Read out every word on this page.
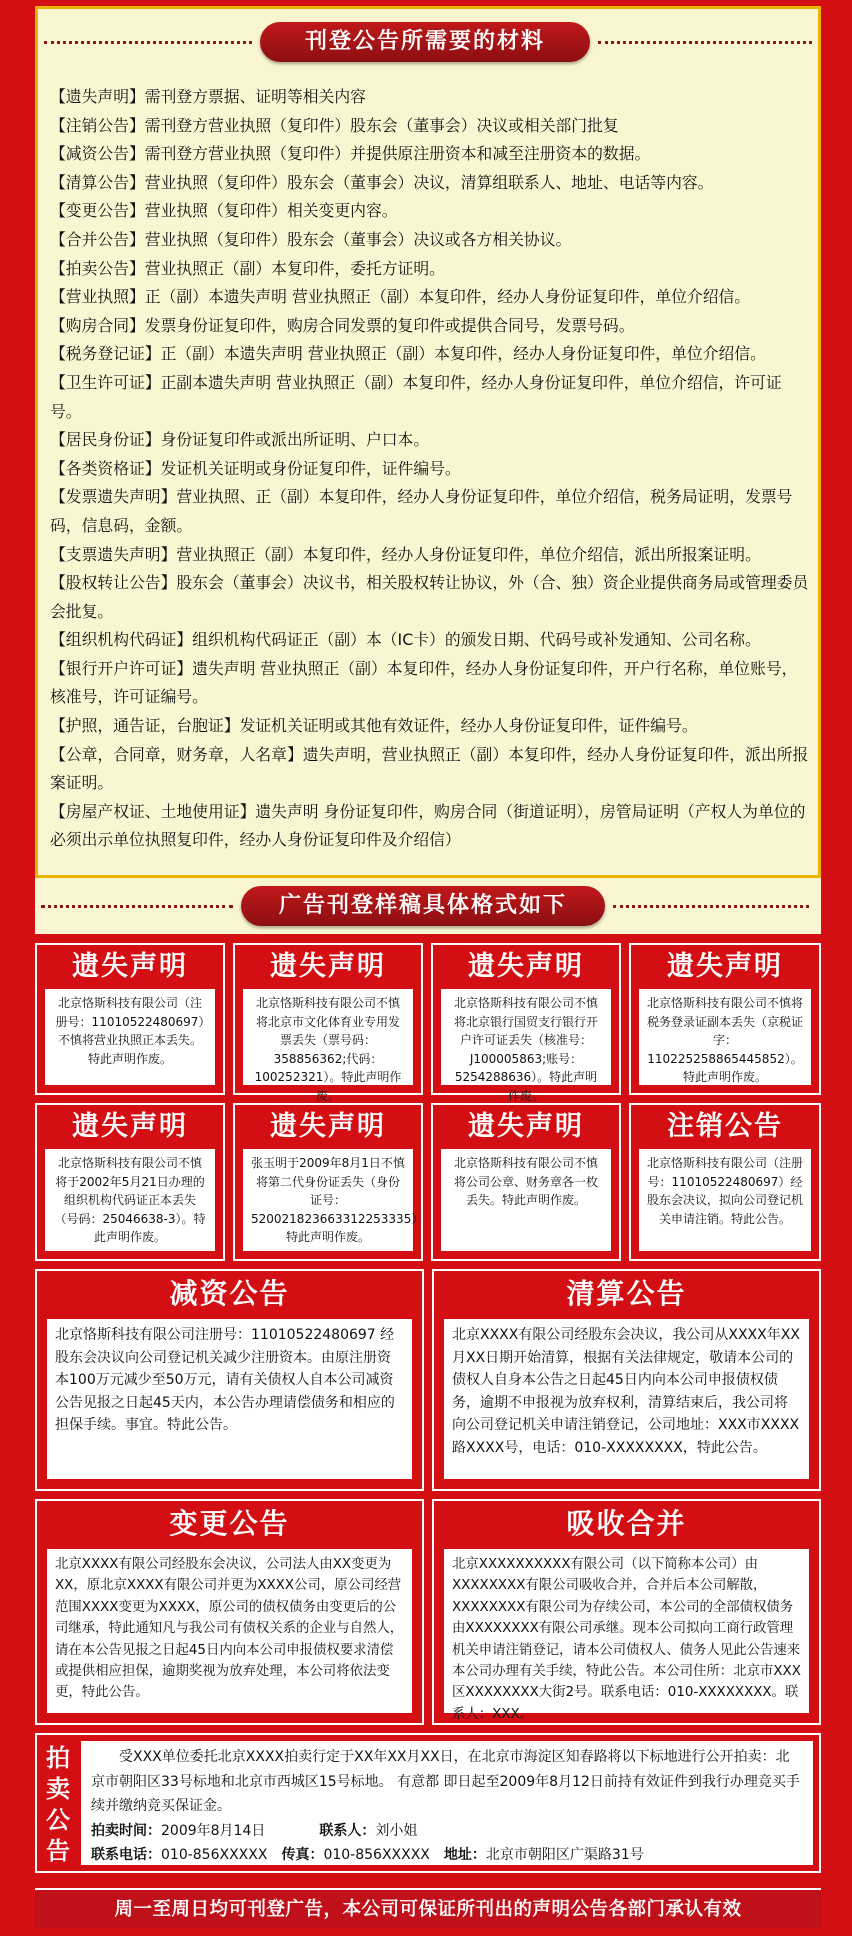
刊登公告所需要的材料
【遗失声明】需刊登方票据、证明等相关内容
【注销公告】需刊登方营业执照（复印件）股东会（董事会）决议或相关部门批复
【减资公告】需刊登方营业执照（复印件）并提供原注册资本和减至注册资本的数据。
【清算公告】营业执照（复印件）股东会（董事会）决议，清算组联系人、地址、电话等内容。
【变更公告】营业执照（复印件）相关变更内容。
【合并公告】营业执照（复印件）股东会（董事会）决议或各方相关协议。
【拍卖公告】营业执照正（副）本复印件，委托方证明。
【营业执照】正（副）本遗失声明 营业执照正（副）本复印件，经办人身份证复印件，单位介绍信。
【购房合同】发票身份证复印件，购房合同发票的复印件或提供合同号，发票号码。
【税务登记证】正（副）本遗失声明 营业执照正（副）本复印件，经办人身份证复印件，单位介绍信。
【卫生许可证】正副本遗失声明 营业执照正（副）本复印件，经办人身份证复印件，单位介绍信，许可证号。
【居民身份证】身份证复印件或派出所证明、户口本。
【各类资格证】发证机关证明或身份证复印件，证件编号。
【发票遗失声明】营业执照、正（副）本复印件，经办人身份证复印件，单位介绍信，税务局证明，发票号码，信息码，金额。
【支票遗失声明】营业执照正（副）本复印件，经办人身份证复印件，单位介绍信，派出所报案证明。
【股权转让公告】股东会（董事会）决议书，相关股权转让协议，外（合、独）资企业提供商务局或管理委员会批复。
【组织机构代码证】组织机构代码证正（副）本（IC卡）的颁发日期、代码号或补发通知、公司名称。
【银行开户许可证】遗失声明 营业执照正（副）本复印件，经办人身份证复印件，开户行名称，单位账号，核准号，许可证编号。
【护照，通告证，台胞证】发证机关证明或其他有效证件，经办人身份证复印件，证件编号。
【公章，合同章，财务章，人名章】遗失声明，营业执照正（副）本复印件，经办人身份证复印件，派出所报案证明。
【房屋产权证、土地使用证】遗失声明 身份证复印件，购房合同（街道证明），房管局证明（产权人为单位的必须出示单位执照复印件，经办人身份证复印件及介绍信）
广告刊登样稿具体格式如下
遗失声明
北京恪斯科技有限公司（注册号：11010522480697）不慎将营业执照正本丢失。特此声明作废。
遗失声明
北京恪斯科技有限公司不慎将北京市文化体育业专用发票丢失（票号码：358856362;代码：100252321）。特此声明作废。
遗失声明
北京恪斯科技有限公司不慎将北京银行国贸支行银行开户许可证丢失（核准号：J100005863;账号：5254288636）。特此声明作废。
遗失声明
北京恪斯科技有限公司不慎将税务登录证副本丢失（京税证字：110225258865445852）。特此声明作废。
遗失声明
北京恪斯科技有限公司不慎将于2002年5月21日办理的组织机构代码证正本丢失（号码：25046638-3）。特此声明作废。
遗失声明
张玉明于2009年8月1日不慎将第二代身份证丢失（身份证号：520021823663312253335）特此声明作废。
遗失声明
北京恪斯科技有限公司不慎将公司公章、财务章各一枚丢失。特此声明作废。
注销公告
北京恪斯科技有限公司（注册号：11010522480697）经股东会决议，拟向公司登记机关申请注销。特此公告。
减资公告
北京恪斯科技有限公司注册号：11010522480697 经股东会决议向公司登记机关减少注册资本。由原注册资本100万元减少至50万元，请有关债权人自本公司减资公告见报之日起45天内，本公告办理请偿债务和相应的担保手续。事宜。特此公告。
清算公告
北京XXXX有限公司经股东会决议，我公司从XXXX年XX月XX日期开始清算，根据有关法律规定，敬请本公司的债权人自身本公告之日起45日内向本公司申报债权债务，逾期不申报视为放弃权利，清算结束后，我公司将向公司登记机关申请注销登记，公司地址：XXX市XXXX路XXXX号，电话：010-XXXXXXXX，特此公告。
变更公告
北京XXXX有限公司经股东会决议，公司法人由XX变更为XX，原北京XXXX有限公司并更为XXXX公司，原公司经营范围XXXX变更为XXXX，原公司的债权债务由变更后的公司继承，特此通知凡与我公司有债权关系的企业与自然人，请在本公告见报之日起45日内向本公司申报债权要求清偿或提供相应担保，逾期奖视为放弃处理，本公司将依法变更，特此公告。
吸收合并
北京XXXXXXXXXX有限公司（以下简称本公司）由XXXXXXXX有限公司吸收合并，合并后本公司解散，XXXXXXXX有限公司为存续公司，本公司的全部债权债务由XXXXXXXX有限公司承继。现本公司拟向工商行政管理机关申请注销登记，请本公司债权人、债务人见此公告速来本公司办理有关手续，特此公告。本公司住所：北京市XXX区XXXXXXXX大街2号。联系电话：010-XXXXXXXX。联系人：XXX。
拍
卖
公
告

受XXX单位委托北京XXXX拍卖行定于XX年XX月XX日，在北京市海淀区知春路将以下标地进行公开拍卖：北京市朝阳区33号标地和北京市西城区15号标地。 有意都 即日起至2009年8月12日前持有效证件到我行办理竞买手续并缴纳竞买保证金。

拍卖时间：2009年8月14日	联系人：刘小姐
联系电话：010-856XXXXX 传真：010-856XXXXX 地址：北京市朝阳区广渠路31号
周一至周日均可刊登广告，本公司可保证所刊出的声明公告各部门承认有效
